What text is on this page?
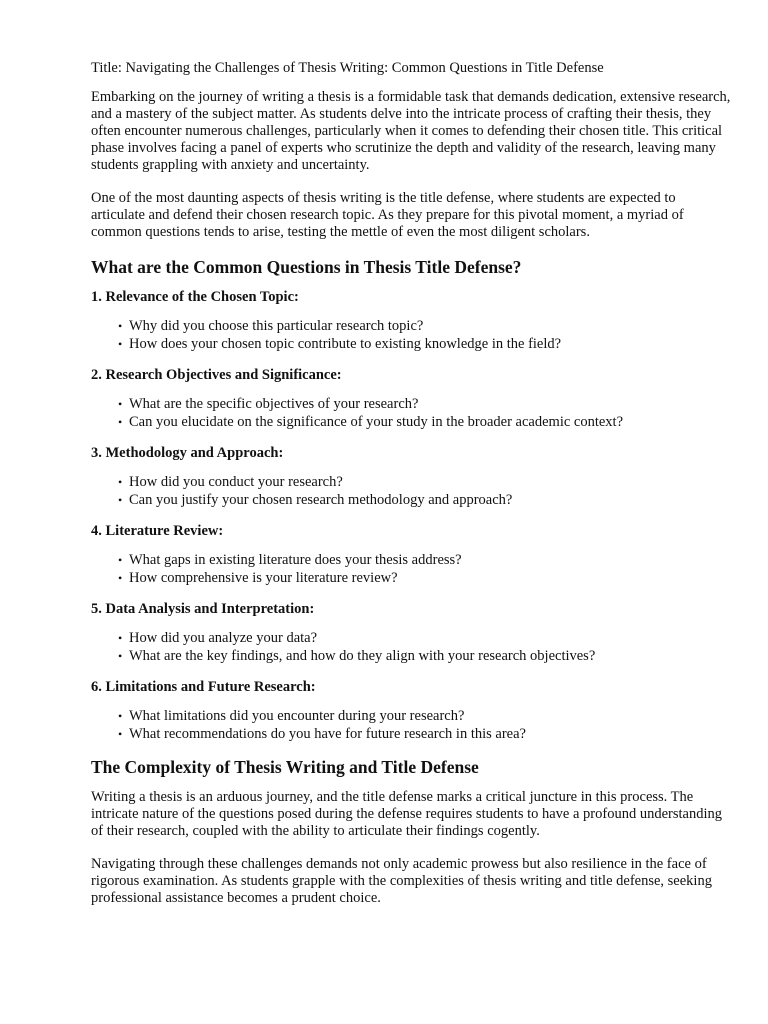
Title: Navigating the Challenges of Thesis Writing: Common Questions in Title Defense

Embarking on the journey of writing a thesis is a formidable task that demands dedication, extensive research, and a mastery of the subject matter. As students delve into the intricate process of crafting their thesis, they often encounter numerous challenges, particularly when it comes to defending their chosen title. This critical phase involves facing a panel of experts who scrutinize the depth and validity of the research, leaving many students grappling with anxiety and uncertainty.

One of the most daunting aspects of thesis writing is the title defense, where students are expected to articulate and defend their chosen research topic. As they prepare for this pivotal moment, a myriad of common questions tends to arise, testing the mettle of even the most diligent scholars.

What are the Common Questions in Thesis Title Defense?
1. Relevance of the Chosen Topic:
• Why did you choose this particular research topic?
• How does your chosen topic contribute to existing knowledge in the field?
2. Research Objectives and Significance:
• What are the specific objectives of your research?
• Can you elucidate on the significance of your study in the broader academic context?
3. Methodology and Approach:
• How did you conduct your research?
• Can you justify your chosen research methodology and approach?
4. Literature Review:
• What gaps in existing literature does your thesis address?
• How comprehensive is your literature review?
5. Data Analysis and Interpretation:
• How did you analyze your data?
• What are the key findings, and how do they align with your research objectives?
6. Limitations and Future Research:
• What limitations did you encounter during your research?
• What recommendations do you have for future research in this area?
The Complexity of Thesis Writing and Title Defense

Writing a thesis is an arduous journey, and the title defense marks a critical juncture in this process. The intricate nature of the questions posed during the defense requires students to have a profound understanding of their research, coupled with the ability to articulate their findings cogently.

Navigating through these challenges demands not only academic prowess but also resilience in the face of rigorous examination. As students grapple with the complexities of thesis writing and title defense, seeking professional assistance becomes a prudent choice.
